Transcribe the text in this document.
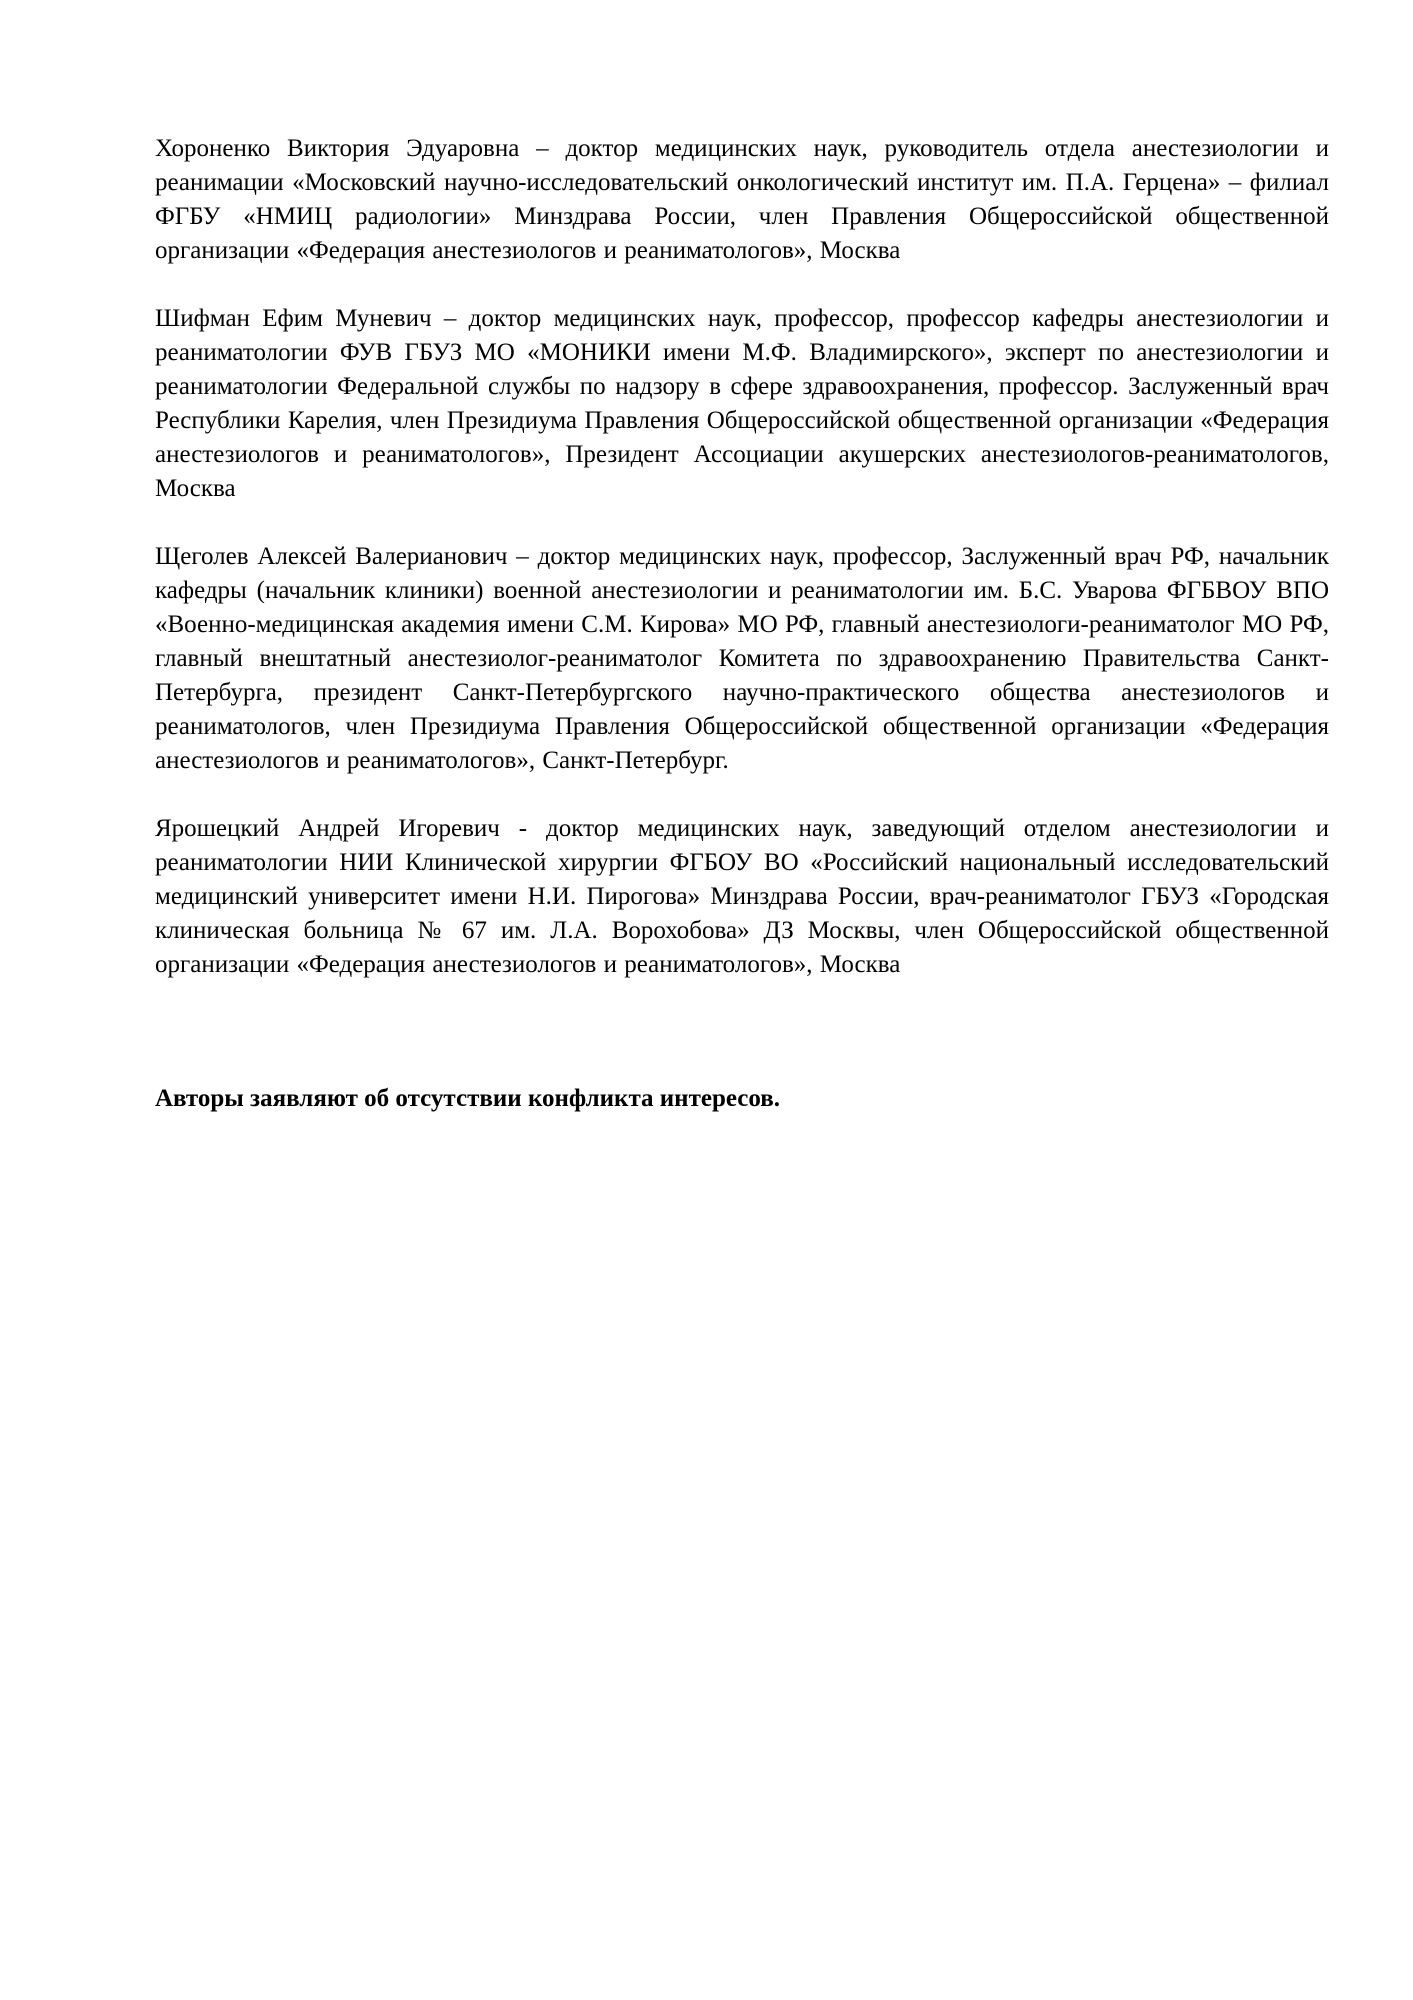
Хороненко Виктория Эдуаровна – доктор медицинских наук, руководитель отдела анестезиологии и реанимации «Московский научно-исследовательский онкологический институт им. П.А. Герцена» – филиал ФГБУ «НМИЦ радиологии» Минздрава России, член Правления Общероссийской общественной организации «Федерация анестезиологов и реаниматологов», Москва

Шифман Ефим Муневич – доктор медицинских наук, профессор, профессор кафедры анестезиологии и реаниматологии ФУВ ГБУЗ МО «МОНИКИ имени М.Ф. Владимирского», эксперт по анестезиологии и реаниматологии Федеральной службы по надзору в сфере здравоохранения, профессор. Заслуженный врач Республики Карелия, член Президиума Правления Общероссийской общественной организации «Федерация анестезиологов и реаниматологов», Президент Ассоциации акушерских анестезиологов-реаниматологов, Москва

Щеголев Алексей Валерианович – доктор медицинских наук, профессор, Заслуженный врач РФ, начальник кафедры (начальник клиники) военной анестезиологии и реаниматологии им. Б.С. Уварова ФГБВОУ ВПО «Военно-медицинская академия имени С.М. Кирова» МО РФ, главный анестезиологи-реаниматолог МО РФ, главный внештатный анестезиолог-реаниматолог Комитета по здравоохранению Правительства Санкт-Петербурга, президент Санкт-Петербургского научно-практического общества анестезиологов и реаниматологов, член Президиума Правления Общероссийской общественной организации «Федерация анестезиологов и реаниматологов», Санкт-Петербург.

Ярошецкий Андрей Игоревич - доктор медицинских наук, заведующий отделом анестезиологии и реаниматологии НИИ Клинической хирургии ФГБОУ ВО «Российский национальный исследовательский медицинский университет имени Н.И. Пирогова» Минздрава России, врач-реаниматолог ГБУЗ «Городская клиническая больница № 67 им. Л.А. Ворохобова» ДЗ Москвы, член Общероссийской общественной организации «Федерация анестезиологов и реаниматологов», Москва

Авторы заявляют об отсутствии конфликта интересов.
